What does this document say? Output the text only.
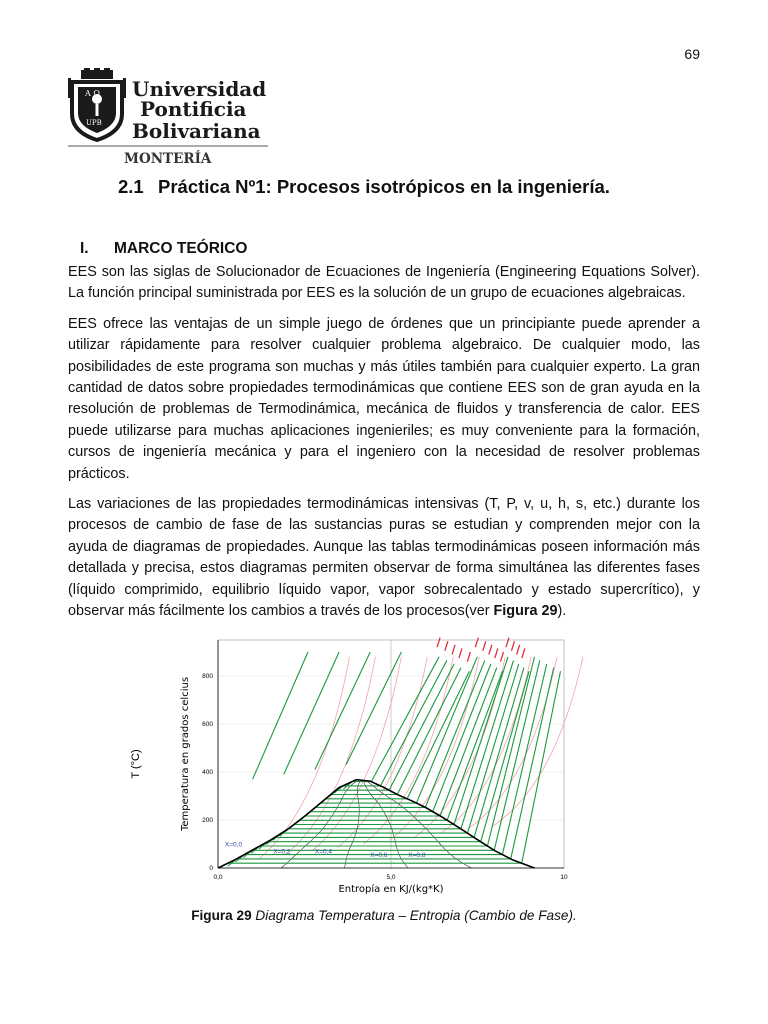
69
Α Ω
UPB
Universidad
Pontificia
Bolivariana
MONTERÍA
2.1 Práctica Nº1: Procesos isotrópicos en la ingeniería.
I. MARCO TEÓRICO

EES son las siglas de Solucionador de Ecuaciones de Ingeniería (Engineering Equations Solver). La función principal suministrada por EES es la solución de un grupo de ecuaciones algebraicas.

EES ofrece las ventajas de un simple juego de órdenes que un principiante puede aprender a utilizar rápidamente para resolver cualquier problema algebraico. De cualquier modo, las posibilidades de este programa son muchas y más útiles también para cualquier experto. La gran cantidad de datos sobre propiedades termodinámicas que contiene EES son de gran ayuda en la resolución de problemas de Termodinámica, mecánica de fluidos y transferencia de calor. EES puede utilizarse para muchas aplicaciones ingenieriles; es muy conveniente para la formación, cursos de ingeniería mecánica y para el ingeniero con la necesidad de resolver problemas prácticos.

Las variaciones de las propiedades termodinámicas intensivas (T, P, v, u, h, s, etc.) durante los procesos de cambio de fase de las sustancias puras se estudian y comprenden mejor con la ayuda de diagramas de propiedades. Aunque las tablas termodinámicas poseen información más detallada y precisa, estos diagramas permiten observar de forma simultánea las diferentes fases (líquido comprimido, equilibrio líquido vapor, vapor sobrecalentado y estado supercrítico), y observar más fácilmente los cambios a través de los procesos(ver Figura 29).

0,0	5,0	10
0
200
400
600
800
X=0,0
X=0,2	X=0,4
X=0,6	X=0,8
Entropía en KJ/(kg*K)
Temperatura en grados celcius
T (°C)

Figura 29 Diagrama Temperatura – Entropia (Cambio de Fase).
